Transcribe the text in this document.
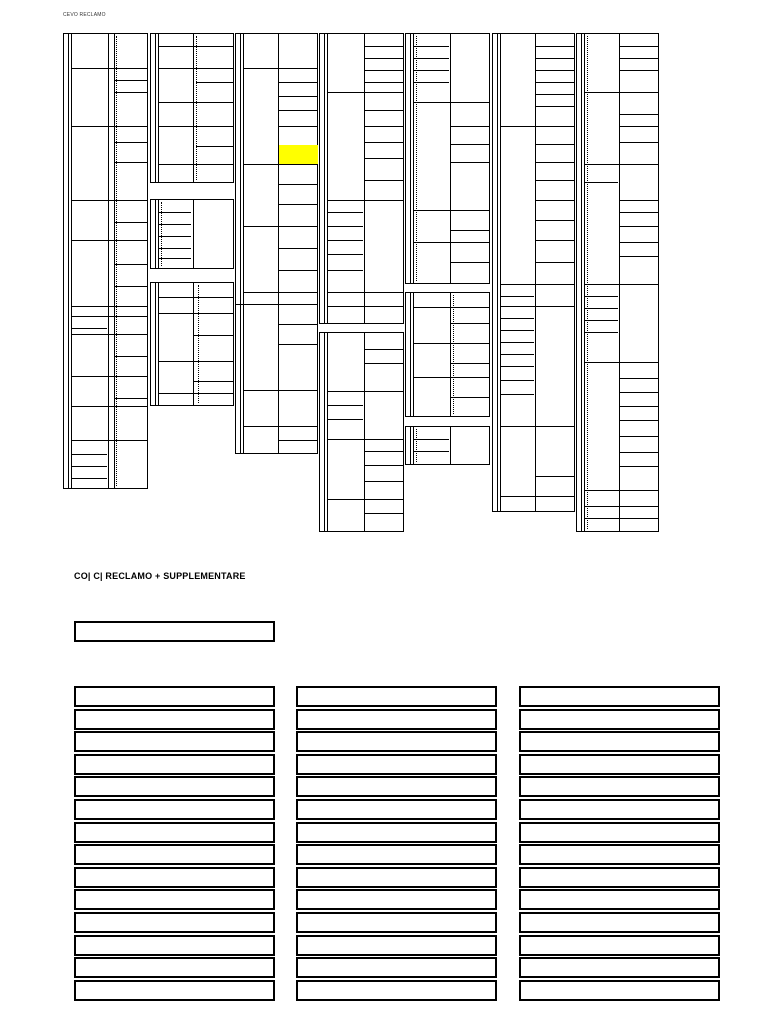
CEVO RECLAMO
CO| C| RECLAMO + SUPPLEMENTARE
